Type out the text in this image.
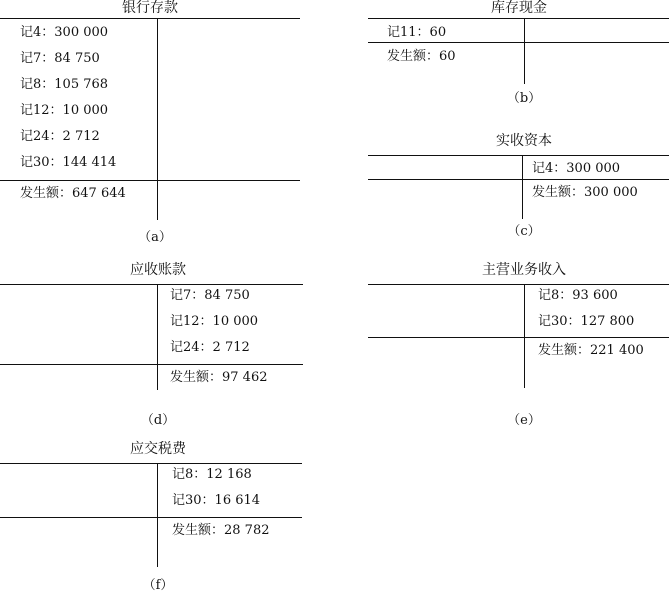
银行存款
记4：300 000
记7：84 750
记8：105 768
记12：10 000
记24：2 712
记30：144 414
发生额：647 644
（a）
库存现金
记11：60
发生额：60
（b）
实收资本
记4：300 000
发生额：300 000
（c）
应收账款
记7：84 750
记12：10 000
记24：2 712
发生额：97 462
（d）
主营业务收入
记8：93 600
记30：127 800
发生额：221 400
（e）
应交税费
记8：12 168
记30：16 614
发生额：28 782
（f）
